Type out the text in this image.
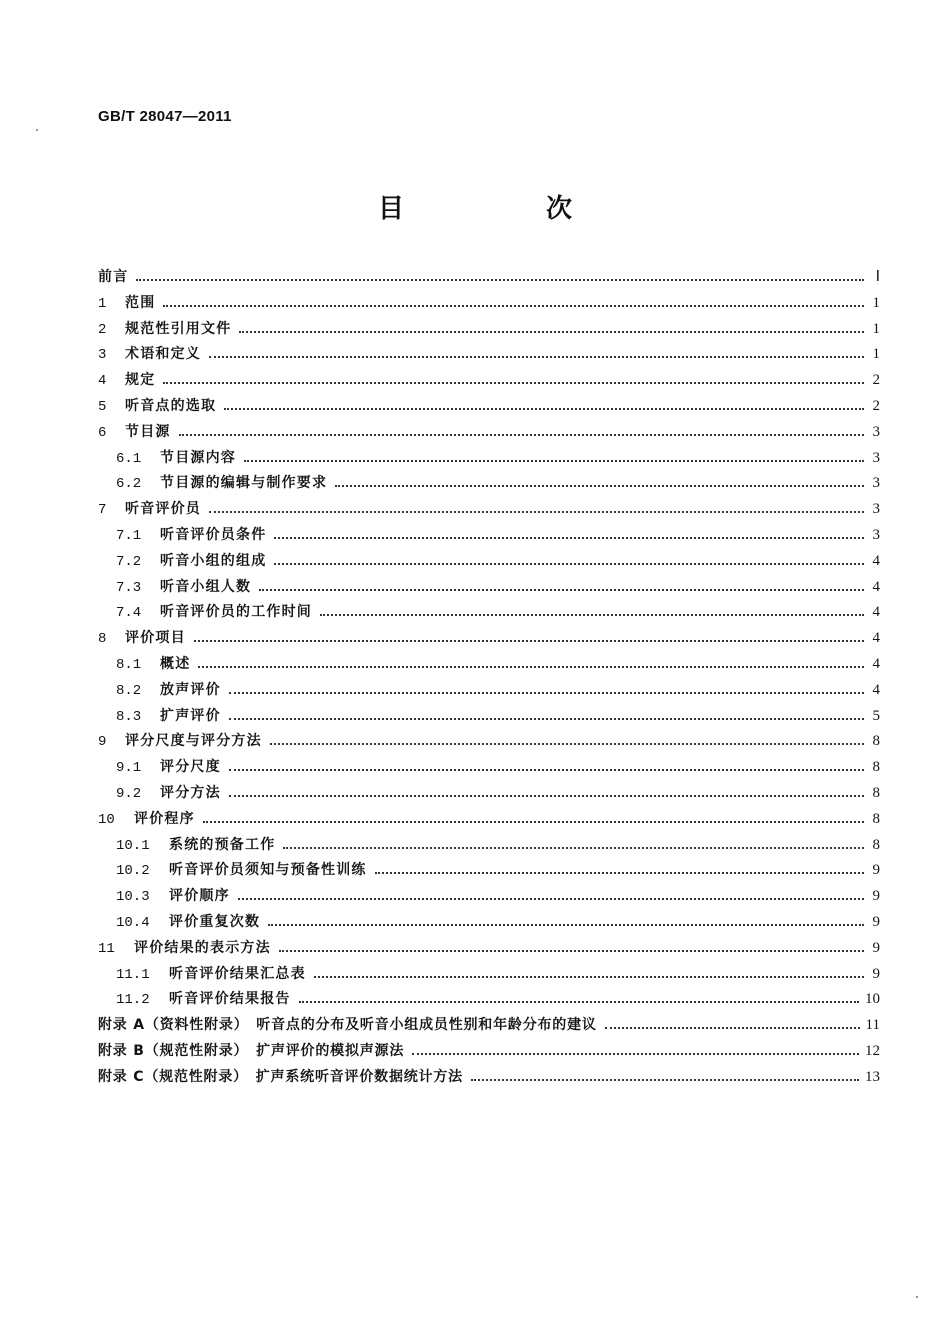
GB/T 28047—2011
目　次
前言	Ⅰ
1	范围	1
2	规范性引用文件	1
3	术语和定义	1
4	规定	2
5	听音点的选取	2
6	节目源	3
6.1	节目源内容	3
6.2	节目源的编辑与制作要求	3
7	听音评价员	3
7.1	听音评价员条件	3
7.2	听音小组的组成	4
7.3	听音小组人数	4
7.4	听音评价员的工作时间	4
8	评价项目	4
8.1	概述	4
8.2	放声评价	4
8.3	扩声评价	5
9	评分尺度与评分方法	8
9.1	评分尺度	8
9.2	评分方法	8
10	评价程序	8
10.1	系统的预备工作	8
10.2	听音评价员须知与预备性训练	9
10.3	评价顺序	9
10.4	评价重复次数	9
11	评价结果的表示方法	9
11.1	听音评价结果汇总表	9
11.2	听音评价结果报告	10
附录 A（资料性附录）　听音点的分布及听音小组成员性别和年龄分布的建议	11
附录 B（规范性附录）　扩声评价的模拟声源法	12
附录 C（规范性附录）　扩声系统听音评价数据统计方法	13
